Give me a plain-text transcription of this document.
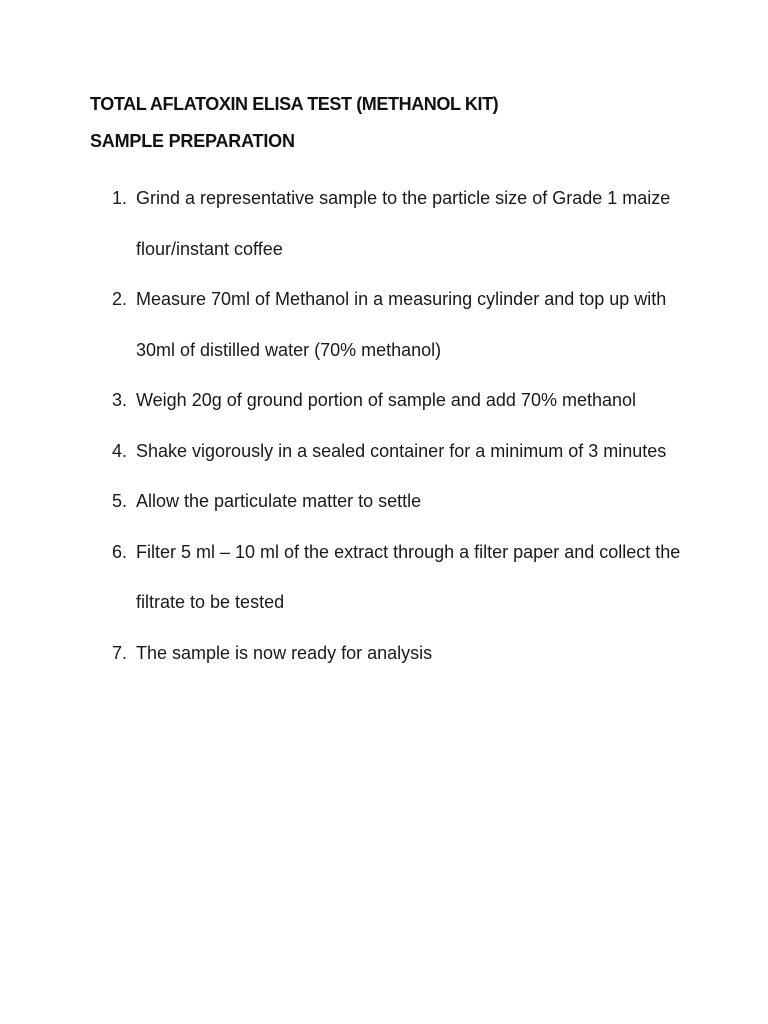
TOTAL AFLATOXIN ELISA TEST (METHANOL KIT)
SAMPLE PREPARATION
1. Grind a representative sample to the particle size of Grade 1 maize flour/instant coffee
2. Measure 70ml of Methanol in a measuring cylinder and top up with 30ml of distilled water (70% methanol)
3. Weigh 20g of ground portion of sample and add 70% methanol
4. Shake vigorously in a sealed container for a minimum of 3 minutes
5. Allow the particulate matter to settle
6. Filter 5 ml – 10 ml of the extract through a filter paper and collect the filtrate to be tested
7. The sample is now ready for analysis
